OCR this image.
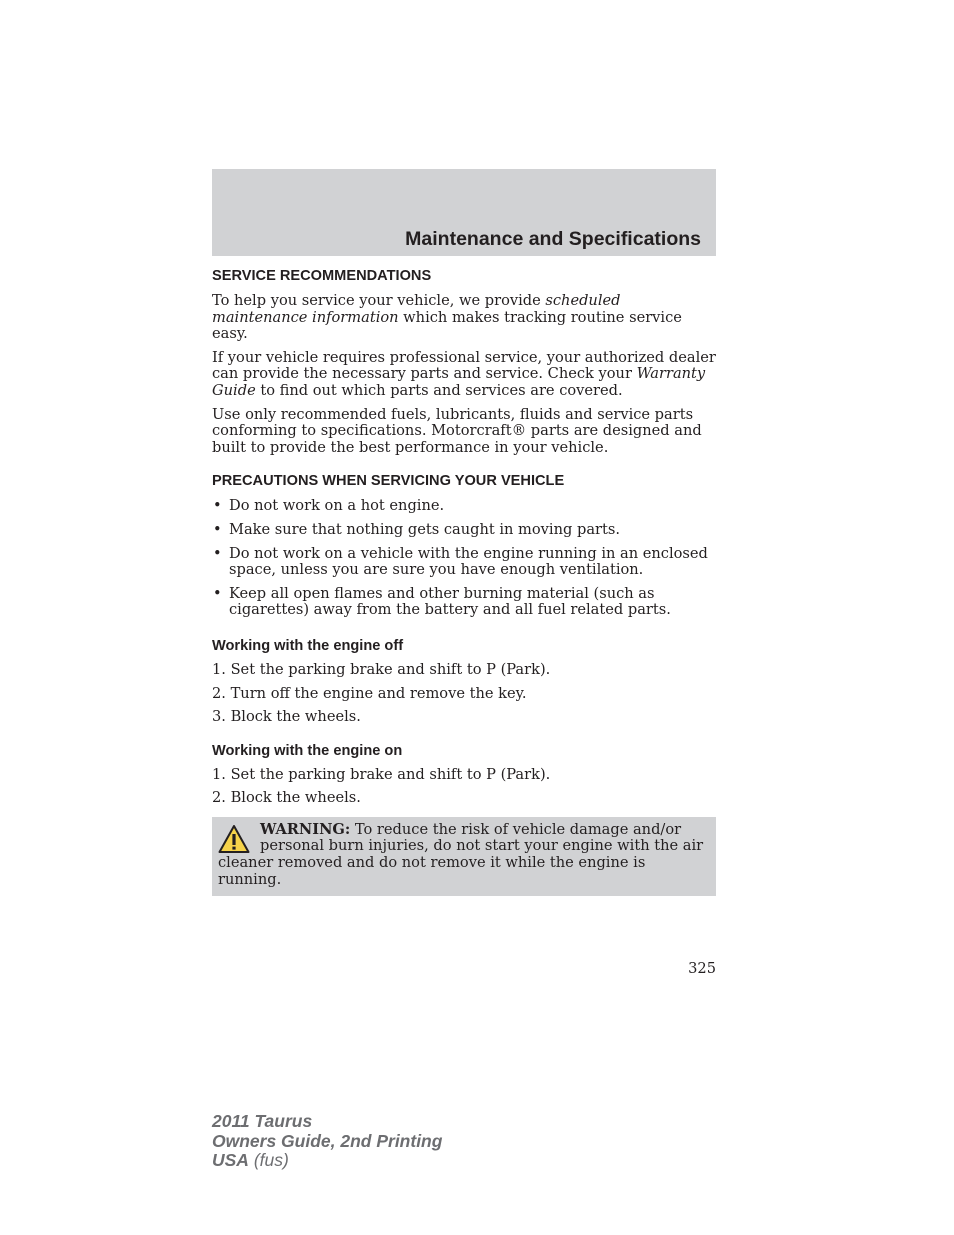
Maintenance and Specifications
SERVICE RECOMMENDATIONS

To help you service your vehicle, we provide scheduled maintenance information which makes tracking routine service easy.

If your vehicle requires professional service, your authorized dealer can provide the necessary parts and service. Check your Warranty Guide to find out which parts and services are covered.

Use only recommended fuels, lubricants, fluids and service parts conforming to specifications. Motorcraft® parts are designed and built to provide the best performance in your vehicle.

PRECAUTIONS WHEN SERVICING YOUR VEHICLE
• Do not work on a hot engine.
• Make sure that nothing gets caught in moving parts.
• Do not work on a vehicle with the engine running in an enclosed space, unless you are sure you have enough ventilation.
• Keep all open flames and other burning material (such as cigarettes) away from the battery and all fuel related parts.
Working with the engine off
1. Set the parking brake and shift to P (Park).
2. Turn off the engine and remove the key.
3. Block the wheels.
Working with the engine on
1. Set the parking brake and shift to P (Park).
2. Block the wheels.
WARNING: To reduce the risk of vehicle damage and/or personal burn injuries, do not start your engine with the air cleaner removed and do not remove it while the engine is running.
325
2011 Taurus
Owners Guide, 2nd Printing
USA (fus)
